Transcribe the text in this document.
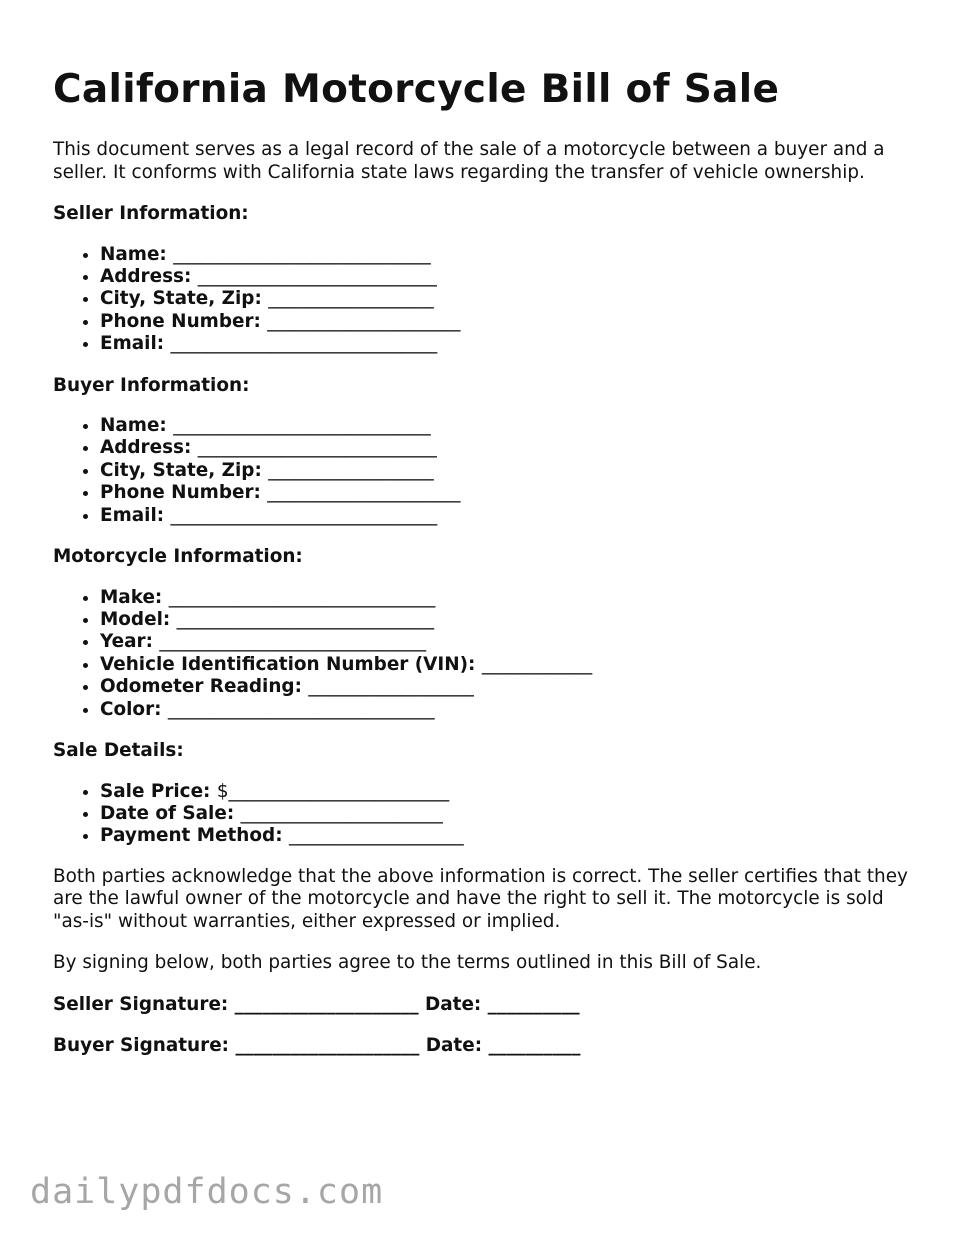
California Motorcycle Bill of Sale

This document serves as a legal record of the sale of a motorcycle between a buyer and a seller. It conforms with California state laws regarding the transfer of vehicle ownership.

Seller Information:
• Name: ____________________________
• Address: __________________________
• City, State, Zip: __________________
• Phone Number: _____________________
• Email: _____________________________
Buyer Information:
• Name: ____________________________
• Address: __________________________
• City, State, Zip: __________________
• Phone Number: _____________________
• Email: _____________________________
Motorcycle Information:
• Make: _____________________________
• Model: ____________________________
• Year: _____________________________
• Vehicle Identification Number (VIN): ____________
• Odometer Reading: __________________
• Color: _____________________________
Sale Details:
• Sale Price: $________________________
• Date of Sale: ______________________
• Payment Method: ___________________

Both parties acknowledge that the above information is correct. The seller certifies that they are the lawful owner of the motorcycle and have the right to sell it. The motorcycle is sold "as-is" without warranties, either expressed or implied.

By signing below, both parties agree to the terms outlined in this Bill of Sale.

Seller Signature: ____________________ Date: __________
Buyer Signature: ____________________ Date: __________
dailypdfdocs.com
